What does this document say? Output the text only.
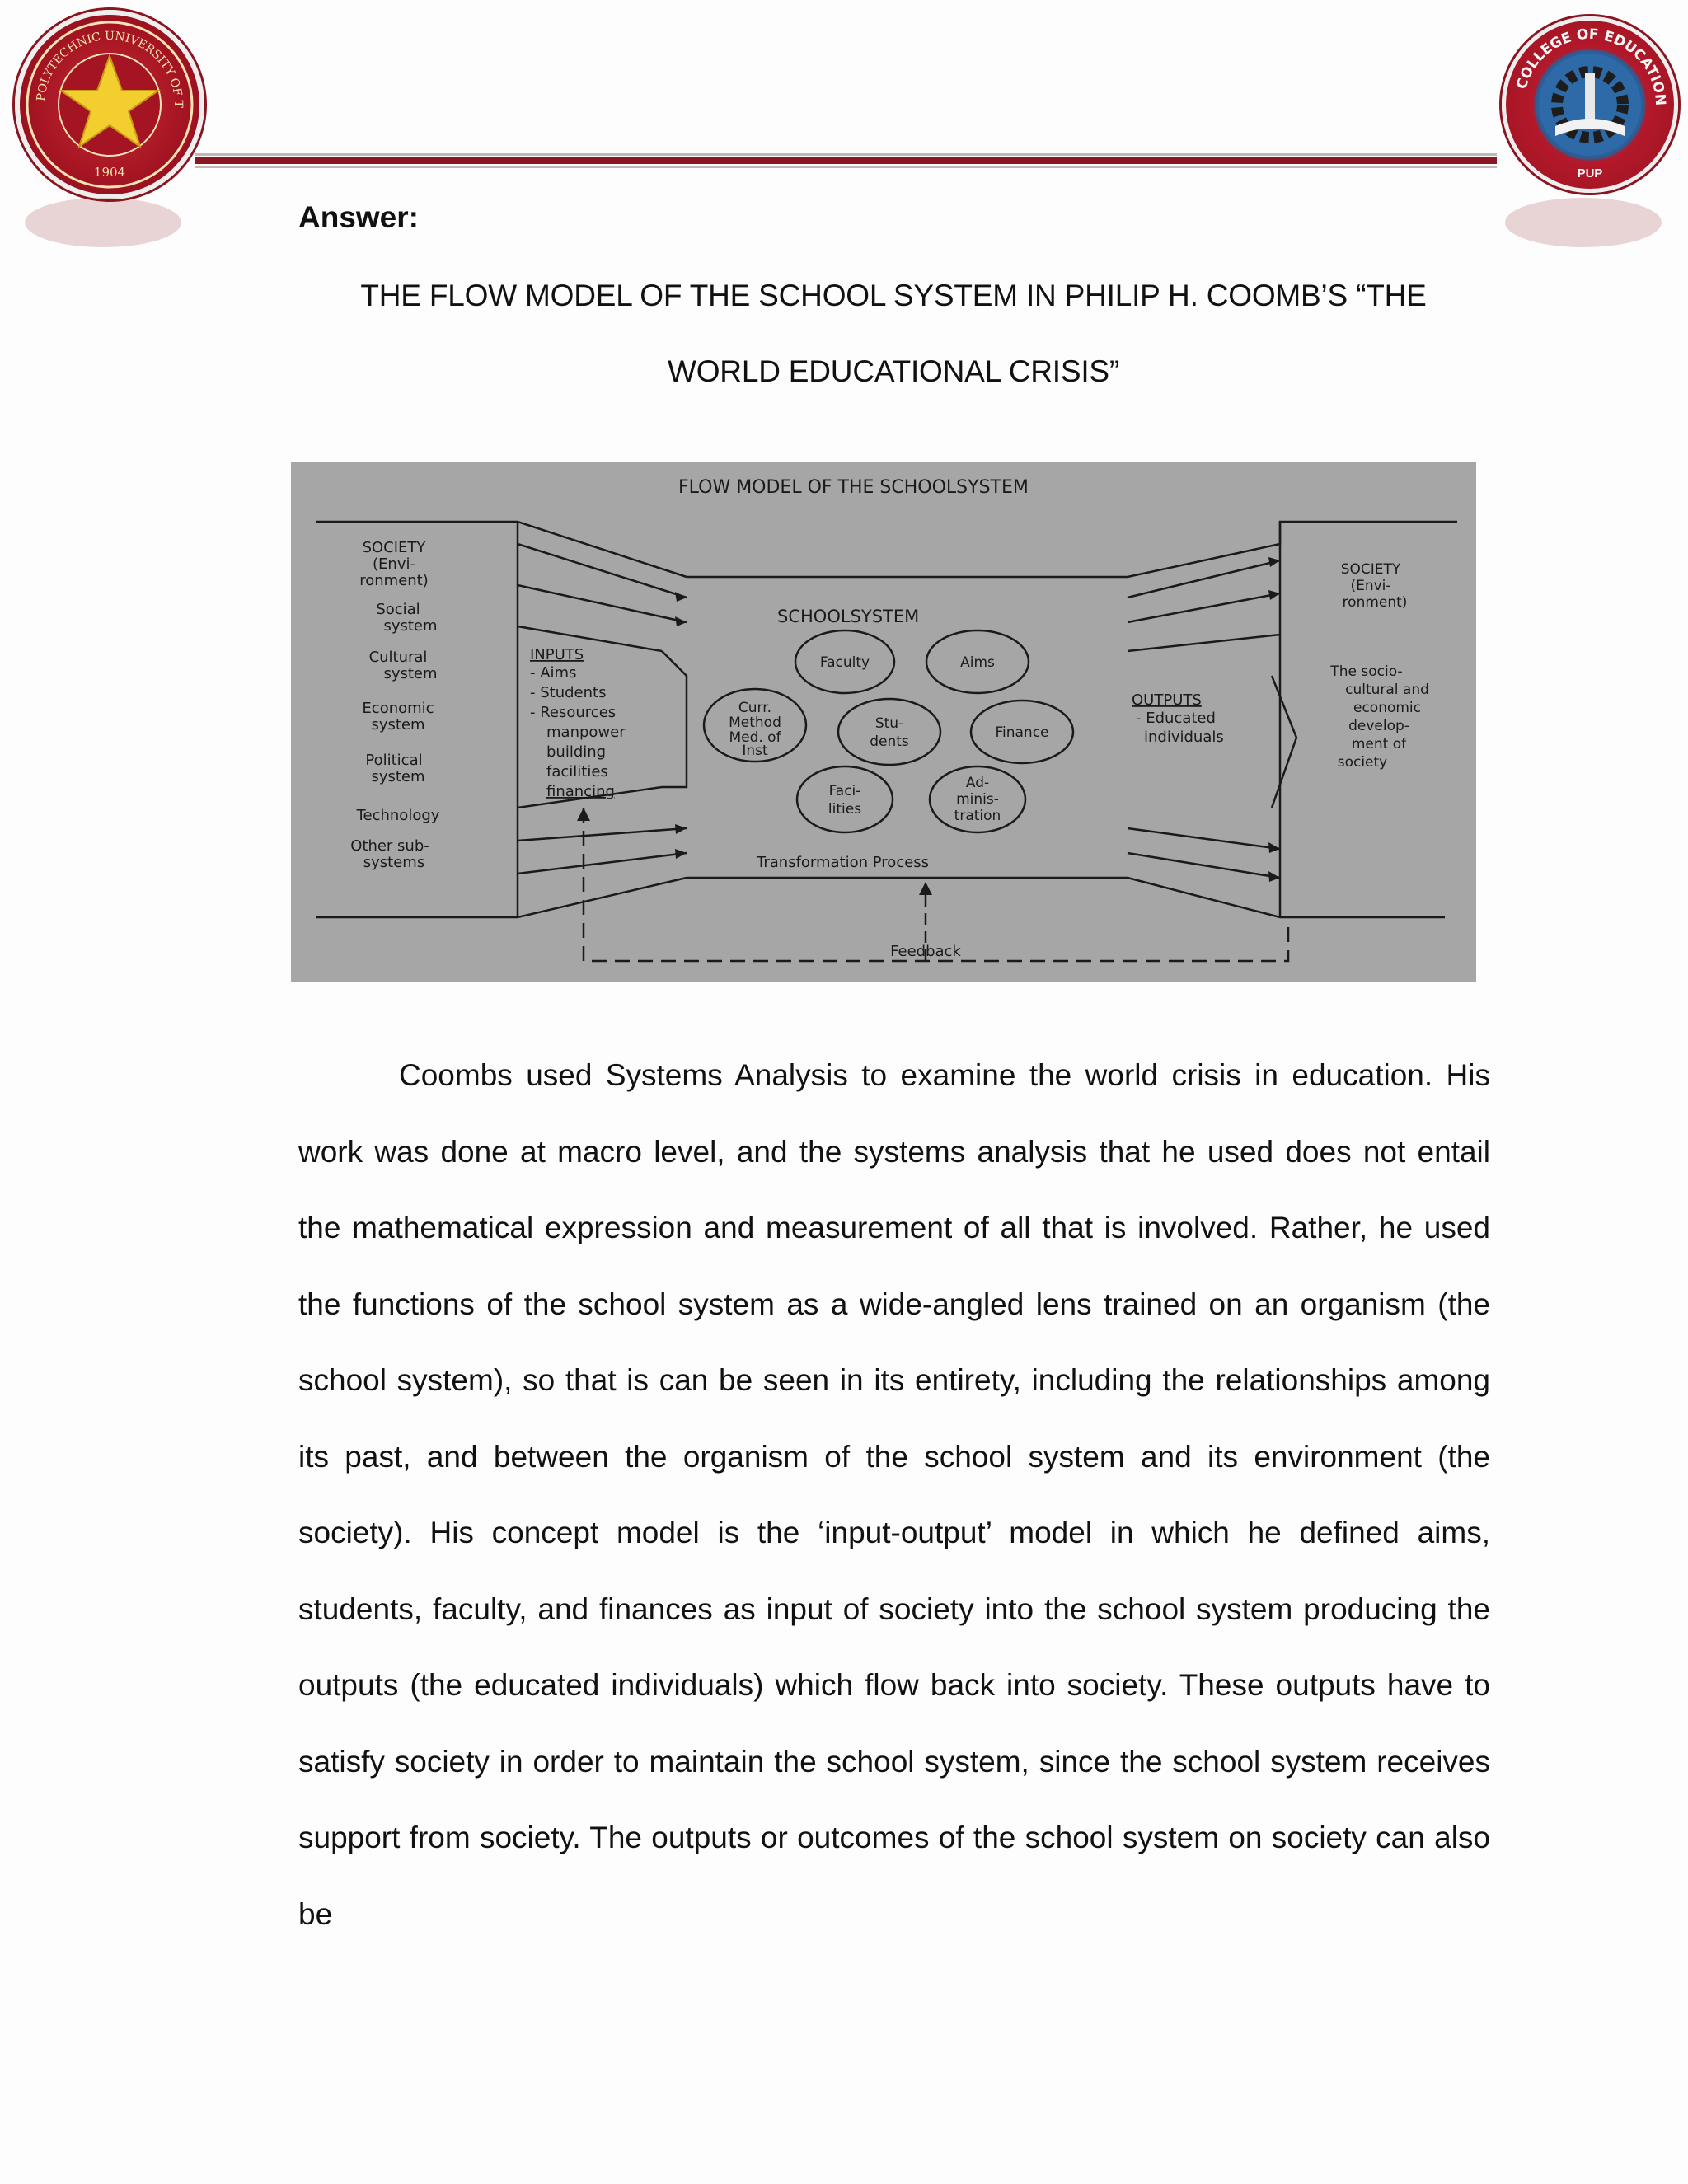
POLYTECHNIC UNIVERSITY OF T
1904
COLLEGE OF EDUCATION
PUP
Answer:
THE FLOW MODEL OF THE SCHOOL SYSTEM IN PHILIP H. COOMB’S “THE
WORLD EDUCATIONAL CRISIS”
FLOW MODEL OF THE SCHOOLSYSTEM
SOCIETY
(Envi-
ronment)
Social
system
Cultural
system
Economic
system
Political
system
Technology
Other sub-
systems
INPUTS
- Aims
- Students
- Resources
manpower
building
facilities
financing
SCHOOLSYSTEM
Faculty	Aims
Curr.
Method
Med. of
Inst
Stu-
dents
Finance
Faci-
lities
Ad-
minis-
tration
Transformation Process
OUTPUTS
- Educated
individuals
SOCIETY
(Envi-
ronment)
The socio-
cultural and
economic
develop-
ment of
society
Feedback

Coombs used Systems Analysis to examine the world crisis in education. His work was done at macro level, and the systems analysis that he used does not entail the mathematical expression and measurement of all that is involved. Rather, he used the functions of the school system as a wide-angled lens trained on an organism (the school system), so that is can be seen in its entirety, including the relationships among its past, and between the organism of the school system and its environment (the society). His concept model is the ‘input-output’ model in which he defined aims, students, faculty, and finances as input of society into the school system producing the outputs (the educated individuals) which flow back into society. These outputs have to satisfy society in order to maintain the school system, since the school system receives support from society. The outputs or outcomes of the school system on society can also be
